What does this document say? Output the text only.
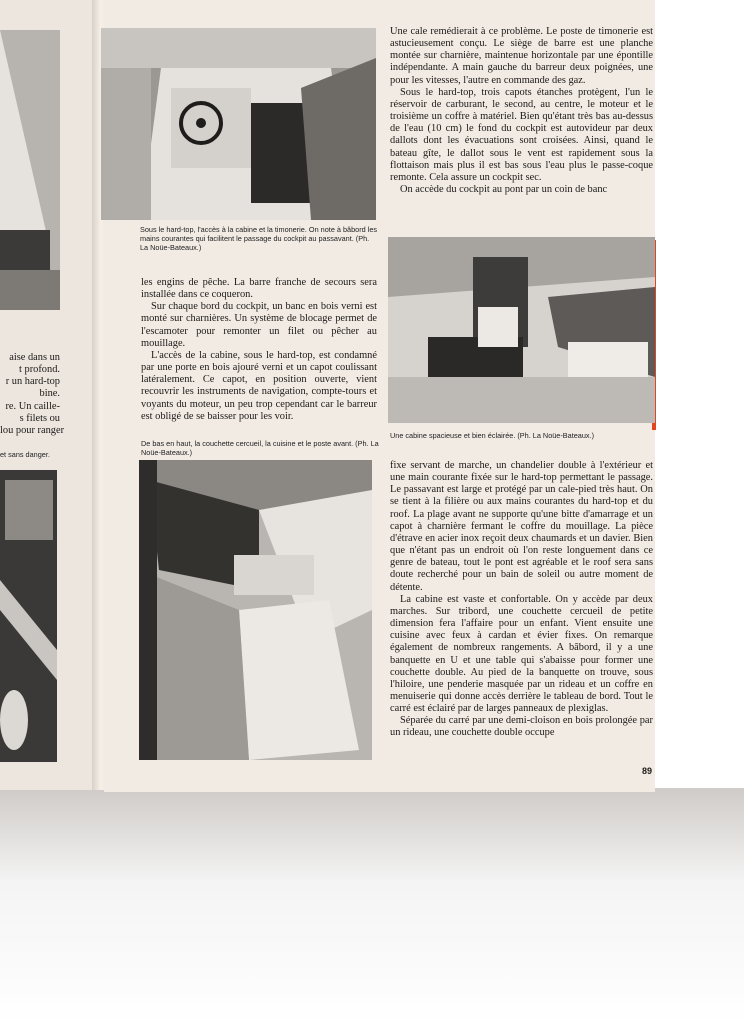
aise dans un
t profond.
r un hard-top
bine.
re. Un caille-
s filets ou
lou pour ranger
et sans danger.
Sous le hard-top, l'accès à la cabine et la timonerie. On note à bâbord les mains courantes qui facilitent le passage du cockpit au passavant. (Ph. La Noüe-Bateaux.)
Une cabine spacieuse et bien éclairée. (Ph. La Noüe-Bateaux.)
De bas en haut, la couchette cercueil, la cuisine et le poste avant. (Ph. La Noüe-Bateaux.)

Une cale remédierait à ce problème. Le poste de timonerie est astucieusement conçu. Le siège de barre est une planche montée sur charnière, maintenue horizontale par une épontille indépendante. A main gauche du barreur deux poignées, une pour les vitesses, l'autre en commande des gaz.

Sous le hard-top, trois capots étanches protègent, l'un le réservoir de carburant, le second, au centre, le moteur et le troisième un coffre à matériel. Bien qu'étant très bas au-dessus de l'eau (10 cm) le fond du cockpit est autovideur par deux dallots dont les évacuations sont croisées. Ainsi, quand le bateau gîte, le dallot sous le vent est rapidement sous la flottaison mais plus il est bas sous l'eau plus le passe-coque remonte. Cela assure un cockpit sec.

On accède du cockpit au pont par un coin de banc

les engins de pêche. La barre franche de secours sera installée dans ce coqueron.

Sur chaque bord du cockpit, un banc en bois verni est monté sur charnières. Un système de blocage permet de l'escamoter pour remonter un filet ou pêcher au mouillage.

L'accès de la cabine, sous le hard-top, est condamné par une porte en bois ajouré verni et un capot coulissant latéralement. Ce capot, en position ouverte, vient recouvrir les instruments de navigation, compte-tours et voyants du moteur, un peu trop cependant car le barreur est obligé de se baisser pour les voir.

fixe servant de marche, un chandelier double à l'extérieur et une main courante fixée sur le hard-top permettant le passage. Le passavant est large et protégé par un cale-pied très haut. On se tient à la filière ou aux mains courantes du hard-top et du roof. La plage avant ne supporte qu'une bitte d'amarrage et un capot à charnière fermant le coffre du mouillage. La pièce d'étrave en acier inox reçoit deux chaumards et un davier. Bien que n'étant pas un endroit où l'on reste longuement dans ce genre de bateau, tout le pont est agréable et le roof sera sans doute recherché pour un bain de soleil ou autre moment de détente.

La cabine est vaste et confortable. On y accède par deux marches. Sur tribord, une couchette cercueil de petite dimension fera l'affaire pour un enfant. Vient ensuite une cuisine avec feux à cardan et évier fixes. On remarque également de nombreux rangements. A bâbord, il y a une banquette en U et une table qui s'abaisse pour former une couchette double. Au pied de la banquette on trouve, sous l'hiloire, une penderie masquée par un rideau et un coffre en menuiserie qui donne accès derrière le tableau de bord. Tout le carré est éclairé par de larges panneaux de plexiglas.

Séparée du carré par une demi-cloison en bois prolongée par un rideau, une couchette double occupe

89
